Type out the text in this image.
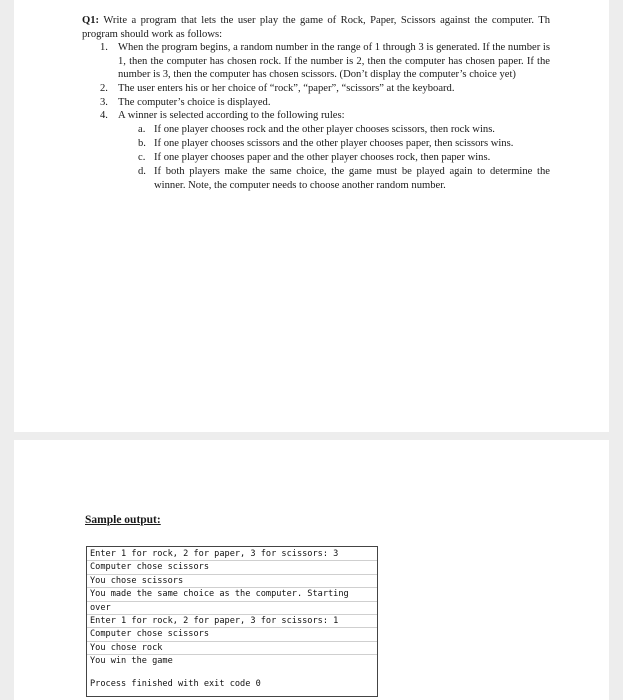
Q1: Write a program that lets the user play the game of Rock, Paper, Scissors against the computer. Th program should work as follows:
1. When the program begins, a random number in the range of 1 through 3 is generated. If the number is 1, then the computer has chosen rock. If the number is 2, then the computer has chosen paper. If the number is 3, then the computer has chosen scissors. (Don’t display the computer’s choice yet)
2. The user enters his or her choice of “rock”, “paper”, “scissors” at the keyboard.
3. The computer’s choice is displayed.
4. A winner is selected according to the following rules:
a. If one player chooses rock and the other player chooses scissors, then rock wins.
b. If one player chooses scissors and the other player chooses paper, then scissors wins.
c. If one player chooses paper and the other player chooses rock, then paper wins.
d. If both players make the same choice, the game must be played again to determine the winner. Note, the computer needs to choose another random number.

Sample output:

Enter 1 for rock, 2 for paper, 3 for scissors: 3
Computer chose scissors
You chose scissors
You made the same choice as the computer. Starting
over
Enter 1 for rock, 2 for paper, 3 for scissors: 1
Computer chose scissors
You chose rock
You win the game
Process finished with exit code 0
